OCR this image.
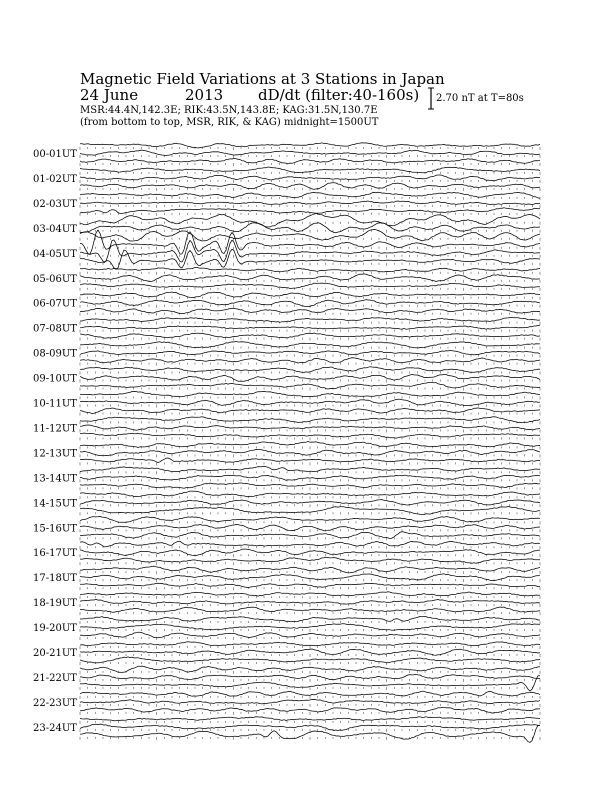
Magnetic Field Variations at 3 Stations in Japan
24 June	2013 dD/dt (filter:40-160s)
MSR:44.4N,142.3E; RIK:43.5N,143.8E; KAG:31.5N,130.7E
(from bottom to top, MSR, RIK, & KAG) midnight=1500UT
2.70 nT at T=80s
00-01UT
01-02UT
02-03UT
03-04UT
04-05UT
05-06UT
06-07UT
07-08UT
08-09UT
09-10UT
10-11UT
11-12UT
12-13UT
13-14UT
14-15UT
15-16UT
16-17UT
17-18UT
18-19UT
19-20UT
20-21UT
21-22UT
22-23UT
23-24UT
